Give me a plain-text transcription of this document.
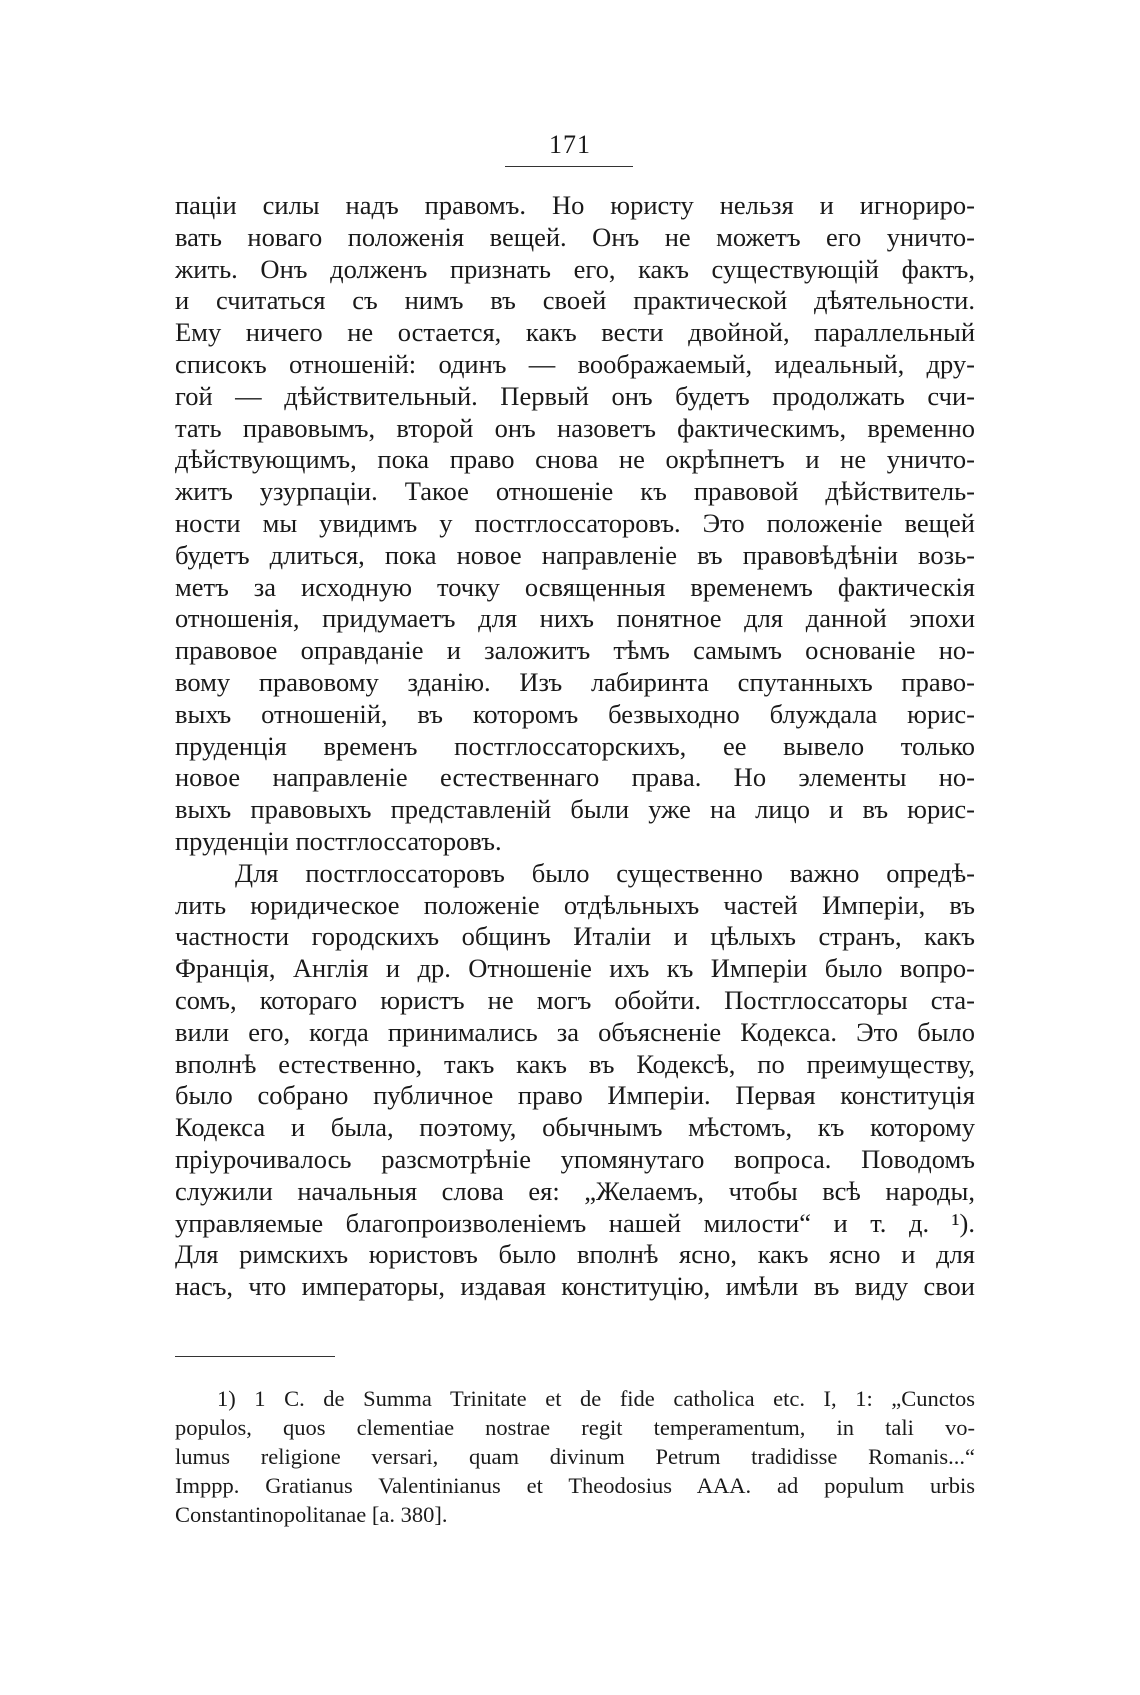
171
паціи силы надъ правомъ. Но юристу нельзя и игнориро-
вать новаго положенія вещей. Онъ не можетъ его уничто-
жить. Онъ долженъ признать его, какъ существующій фактъ,
и считаться съ нимъ въ своей практической дѣятельности.
Ему ничего не остается, какъ вести двойной, параллельный
списокъ отношеній: одинъ — воображаемый, идеальный, дру-
гой — дѣйствительный. Первый онъ будетъ продолжать счи-
тать правовымъ, второй онъ назоветъ фактическимъ, временно
дѣйствующимъ, пока право снова не окрѣпнетъ и не уничто-
житъ узурпаціи. Такое отношеніе къ правовой дѣйствитель-
ности мы увидимъ у постглоссаторовъ. Это положеніе вещей
будетъ длиться, пока новое направленіе въ правовѣдѣніи возь-
метъ за исходную точку освященныя временемъ фактическія
отношенія, придумаетъ для нихъ понятное для данной эпохи
правовое оправданіе и заложитъ тѣмъ самымъ основаніе но-
вому правовому зданію. Изъ лабиринта спутанныхъ право-
выхъ отношеній, въ которомъ безвыходно блуждала юрис-
пруденція временъ постглоссаторскихъ, ее вывело только
новое направленіе естественнаго права. Но элементы но-
выхъ правовыхъ представленій были уже на лицо и въ юрис-
пруденціи постглоссаторовъ.
Для постглоссаторовъ было существенно важно опредѣ-
лить юридическое положеніе отдѣльныхъ частей Имперіи, въ
частности городскихъ общинъ Италіи и цѣлыхъ странъ, какъ
Франція, Англія и др. Отношеніе ихъ къ Имперіи было вопро-
сомъ, котораго юристъ не могъ обойти. Постглоссаторы ста-
вили его, когда принимались за объясненіе Кодекса. Это было
вполнѣ естественно, такъ какъ въ Кодексѣ, по преимуществу,
было собрано публичное право Имперіи. Первая конституція
Кодекса и была, поэтому, обычнымъ мѣстомъ, къ которому
пріурочивалось разсмотрѣніе упомянутаго вопроса. Поводомъ
служили начальныя слова ея: „Желаемъ, чтобы всѣ народы,
управляемые благопроизволеніемъ нашей милости“ и т. д. ¹).
Для римскихъ юристовъ было вполнѣ ясно, какъ ясно и для
насъ, что императоры, издавая конституцію, имѣли въ виду свои
1) 1 C. de Summa Trinitate et de fide catholica etc. I, 1: „Cunctos
populos, quos clementiae nostrae regit temperamentum, in tali vo-
lumus religione versari, quam divinum Petrum tradidisse Romanis...“
Imppp. Gratianus Valentinianus et Theodosius AAA. ad populum urbis
Constantinopolitanae [a. 380].
